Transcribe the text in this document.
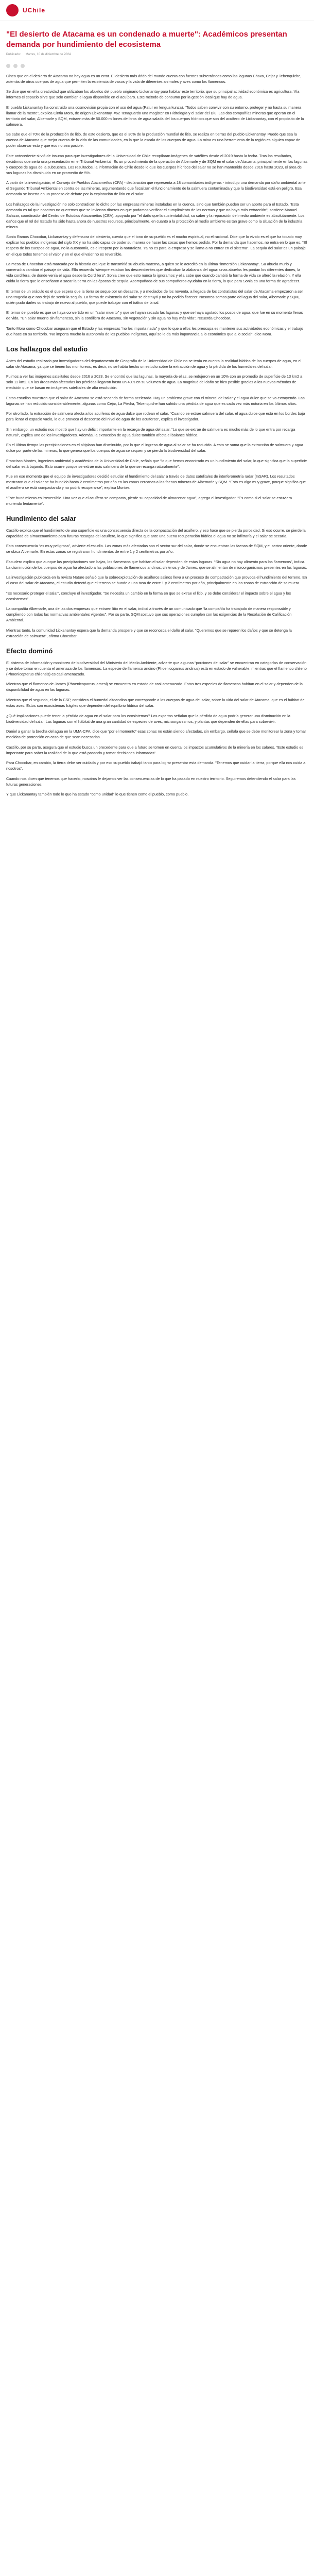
UChile
"El desierto de Atacama es un condenado a muerte": Académicos presentan demanda por hundimiento del ecosistema
Publicado: Martes, 10 de diciembre de 2024

Cinco que en el desierto de Atacama no hay agua es un error. El desierto más árido del mundo cuenta con fuentes subterráneas como las lagunas Chaxa, Cejar y Tebenquiche, además de otros cuerpos de agua que permiten la existencia de vasos y la vida de diferentes animales y aves como los flamencos.

Se dice que en el la creatividad que utilizaban los abuelos del pueblo originario Lickanantay para habitar este territorio, que su principal actividad económica es agricultura. Vía informes el espacio sirve que solo cambian el agua disponible en el acuíparo. Este método de consumo por la gestión local que hay de agua.

El pueblo Lickanantay ha construido una cosmovisión propia con el uso del agua (Patur en lengua kunza). “Todos saben convivir con su entorno, proteger y no hasta su manera llamar de la mente”, explica Cintia Mora, de origen Lickanantay. #62 Tenaguardo una magister en Hidrología y el salar del Diu. Las dos compañías mineras que operan en el territorio del salar, Albemarle y SQM, extraen más de 50.000 millones de litros de agua salada del los cuerpos hídricos que son del acuífero de Lickanantay, con el propósito de la salmuera.

Se sabe que el 70% de la producción de litio, de este desierto, que es el 30% de la producción mundial de litio, se realiza en tierras del pueblo Lickanantay. Puede que sea la cuenca de Atacama que mejor cuenta de la vida de las comunidades, en la que la escala de los cuerpos de agua. La mina es una herramienta de la región es alguien capaz de poder observar esto y que eso no sea posible.

Este antecedente sirvió de insumo para que investigadores de la Universidad de Chile recopilaran imágenes de satélites desde el 2019 hasta la fecha. Tras los resultados, decidimos que sería una presentación en el Tribunal Ambiental. Es un procedimiento de la operación de Albemarle y de SQM en el salar de Atacama, principalmente en las lagunas y cuerpos de agua de la subcuenca. Los resultados, la información de Chile desde lo que los cuerpos hídricos del salar no se han mantenido desde 2016 hasta 2023, el área de sus lagunas ha disminuido en un promedio de 5%.

A partir de la investigación, el Consejo de Pueblos Atacameños (CPA) - declaración que representa a 18 comunidades indígenas - introdujo una demanda por daño ambiental ante el Segundo Tribunal Ambiental en contra de las mineras, argumentando que fiscalizan el funcionamiento de la salmuera contaminada y que la biodiversidad está en peligro. Esa demanda se inserta en un proceso de debate por la explotación de litio en el salar.

Los hallazgos de la investigación no solo contradicen lo dicho por las empresas mineras instaladas en la cuenca, sino que también pueden ser un aporte para el Estado. "Esta demanda es tal que nosotros no queremos que se inviertan dineros en que podamos verificar el cumplimiento de las normas y que no haya más extracción", sostiene Manuel Salazar, coordinador del Centro de Estudios Atacameños (CEA), apoyado por "el daño que la sustentabilidad, su saber y la reparación del medio ambiente es absolutamente. Los daños que el rol del Estado ha sido hasta ahora de nuestros recursos, principalmente, en cuanto a la protección al medio ambiente es tan grave como la situación de la industria minera.

Sonia Ramos Chocobar, Lickanantay y defensora del desierto, cuenta que el tono de su pueblo es el mucho espiritual, no el racional. Dice que lo vivido es el que ha tocado muy explicar los pueblos indígenas del siglo XX y no ha sido capaz de poder su manera de hacer las cosas que hemos pedido. Por la demanda que hacemos, no entra en lo que es. “El respeto de los cuerpos de agua, no la autonomía, es el respeto por la naturaleza. Ya no es para la empresa y se llama a no entrar en el sistema”. La sequía del salar es un paisaje en el que todos tenemos el valor y en el que el valor no es reversible.

La mesa de Chocobar está marcada por la historia oral que le transmitió su abuela materna, a quien se le acreditó en la última “inmersión Lickanantay”. Su abuela murió y comenzó a cambiar el paisaje de vida. Ella recuerda “siempre estaban los descendientes que dedicaban la alabanza del agua: unas abuelas les ponían los diferentes dones, la vida cordillera, de donde venía el agua desde la Cordillera”. Sonia cree que esto nunca lo ignoramos y ella sabe que cuando cambió la forma de vida se alteró la relación. Y ella cuida la tierra que le enseñaron a sacar la tierra en las épocas de sequía. Acompañada de sus compañeros ayudaba en la tierra, lo que para Sonia es una forma de agradecer.

El temor de un oráculo es el que espera que la tierra se seque por un desastre, y a mediados de los noventa, a llegada de los contratistas del salar de Atacama empezaron a ser una tragedia que nos dejó de sentir la sequía. La forma de existencia del salar se destruyó y no ha podido florecer. Nosotros somos parte del agua del salar, Albemarle y SQM, quién pudo darles su trabajo de nuevo al pueblo, que puede trabajar con el tráfico de la sal.

El temor del pueblo es que se haya convertido en un “salar muerto” y que se hayan secado las lagunas y que se haya agotado los pozos de agua, que fue en su momento llenas de vida. “Un salar muerto sin flamencos, sin la cordillera de Atacama, sin vegetación y sin agua no hay más vida”, recuerda Chocobar.

Tanto Mora como Chocobar aseguran que el Estado y las empresas “no les importa nada” y que lo que a ellos les preocupa es mantener sus actividades económicas y el trabajo que hace en su territorio. “No importa mucho la autonomía de los pueblos indígenas, aquí se le da más importancia a lo económico que a lo social”, dice Mora.

Los hallazgos del estudio

Antes del estudio realizado por investigadores del departamento de Geografía de la Universidad de Chile no se tenía en cuenta la realidad hídrica de los cuerpos de agua, en el salar de Atacama, ya que se tienen los monitoreos, es decir, no se había hecho un estudio sobre la extracción de agua y la pérdida de los humedales del salar.

Fuimos a ver las imágenes satelitales desde 2016 a 2023. Se encontró que las lagunas, la mayoría de ellas, se redujeron en un 10% con un promedio de superficie de 13 km2 a solo 11 km2. En las áreas más afectadas las pérdidas llegaron hasta un 40% en su volumen de agua. La magnitud del daño se hizo posible gracias a los nuevos métodos de medición que se basan en imágenes satelitales de alta resolución.

Estos estudios muestran que el salar de Atacama se está secando de forma acelerada. Hay un problema grave con el mineral del salar y el agua dulce que se va extrayendo. Las lagunas se han reducido considerablemente, algunas como Cejar, La Piedra, Tebenquiche han sufrido una pérdida de agua que es cada vez más notoria en los últimos años.

Por otro lado, la extracción de salmuera afecta a los acuíferos de agua dulce que rodean el salar. “Cuando se extrae salmuera del salar, el agua dulce que está en los bordes baja para llenar el espacio vacío, lo que provoca el descenso del nivel de agua de los acuíferos”, explica el investigador.

Sin embargo, un estudio nos mostró que hay un déficit importante en la recarga de agua del salar. “Lo que se extrae de salmuera es mucho más de lo que entra por recarga natural”, explica uno de los investigadores. Además, la extracción de agua dulce también afecta el balance hídrico.

En el último tiempo las precipitaciones en el altiplano han disminuido, por lo que el ingreso de agua al salar se ha reducido. A esto se suma que la extracción de salmuera y agua dulce por parte de las mineras, lo que genera que los cuerpos de agua se sequen y se pierda la biodiversidad del salar.

Francisco Montes, ingeniero ambiental y académico de la Universidad de Chile, señala que “lo que hemos encontrado es un hundimiento del salar, lo que significa que la superficie del salar está bajando. Esto ocurre porque se extrae más salmuera de la que se recarga naturalmente”.

Fue en ese momento que el equipo de investigadores decidió estudiar el hundimiento del salar a través de datos satelitales de interferometría radar (InSAR). Los resultados mostraron que el salar se ha hundido hasta 2 centímetros por año en las zonas cercanas a las faenas mineras de Albemarle y SQM. “Esto es algo muy grave, porque significa que el acuífero se está compactando y no podrá recuperarse”, explica Montes.

“Este hundimiento es irreversible. Una vez que el acuífero se compacta, pierde su capacidad de almacenar agua”, agrega el investigador. “Es como si el salar se estuviera muriendo lentamente”.

Hundimiento del salar

Castillo explica que el hundimiento de una superficie es una consecuencia directa de la compactación del acuífero, y eso hace que se pierda porosidad. Si eso ocurre, se pierde la capacidad de almacenamiento para futuras recargas del acuífero, lo que significa que ante una buena recuperación hídrica el agua no se infiltraría y el salar se secaría.

Esta consecuencia “es muy peligrosa”, advierte el estudio. Las zonas más afectadas son el sector sur del salar, donde se encuentran las faenas de SQM, y el sector oriente, donde se ubica Albemarle. En estas zonas se registraron hundimientos de entre 1 y 2 centímetros por año.

Escudero explica que aunque las precipitaciones son bajas, los flamencos que habitan el salar dependen de estas lagunas. “Sin agua no hay alimento para los flamencos”, indica. La disminución de los cuerpos de agua ha afectado a las poblaciones de flamencos andinos, chilenos y de James, que se alimentan de microorganismos presentes en las lagunas.

La investigación publicada en la revista Nature señaló que la sobreexplotación de acuíferos salinos lleva a un proceso de compactación que provoca el hundimiento del terreno. En el caso del salar de Atacama, el estudio detectó que el terreno se hunde a una tasa de entre 1 y 2 centímetros por año, principalmente en las zonas de extracción de salmuera.

“Es necesario proteger el salar”, concluye el investigador. “Se necesita un cambio en la forma en que se extrae el litio, y se debe considerar el impacto sobre el agua y los ecosistemas”.

La compañía Albemarle, una de las dos empresas que extraen litio en el salar, indicó a través de un comunicado que “la compañía ha trabajado de manera responsable y cumpliendo con todas las normativas ambientales vigentes”. Por su parte, SQM sostuvo que sus operaciones cumplen con las exigencias de la Resolución de Calificación Ambiental.

Mientras tanto, la comunidad Lickanantay espera que la demanda prospere y que se reconozca el daño al salar. “Queremos que se reparen los daños y que se detenga la extracción de salmuera”, afirma Chocobar.

Efecto dominó

El sistema de información y monitoreo de biodiversidad del Ministerio del Medio Ambiente, advierte que algunas “porciones del salar” se encuentran en categorías de conservación y se debe tomar en cuenta el amenaza de los flamencos. La especie de flamenco andino (Phoenicoparrus andinus) está en estado de vulnerable, mientras que el flamenco chileno (Phoenicopterus chilensis) es casi amenazado.

Mientras que el flamenco de James (Phoenicoparrus jamesi) se encuentra en estado de casi amenazado. Estas tres especies de flamencos habitan en el salar y dependen de la disponibilidad de agua en las lagunas.

Mientras que el segundo, el de la CSP, considera el humedal altoandino que corresponde a los cuerpos de agua del salar, sobre la vida del salar de Atacama, que es el hábitat de estas aves. Estos son ecosistemas frágiles que dependen del equilibrio hídrico del salar.

¿Qué implicaciones puede tener la pérdida de agua en el salar para los ecosistemas? Los expertos señalan que la pérdida de agua podría generar una disminución en la biodiversidad del salar. Las lagunas son el hábitat de una gran cantidad de especies de aves, microorganismos, y plantas que dependen de ellas para sobrevivir.

Daniel a ganar la brecha del agua en la UMA-CPA, dice que “por el momento” esas zonas no están siendo afectadas, sin embargo, señala que se debe monitorear la zona y tomar medidas de protección en caso de que sean necesarias.

Castillo, por su parte, asegura que el estudio busca un precedente para que a futuro se tomen en cuenta los impactos acumulativos de la minería en los salares. “Este estudio es importante para saber la realidad de lo que está pasando y tomar decisiones informadas”.

Para Chocobar, en cambio, la tierra debe ser cuidada y por eso su pueblo trabajó tanto para lograr presentar esta demanda. “Tenemos que cuidar la tierra, porque ella nos cuida a nosotros”.

Cuando nos dicen que tenemos que hacerlo, nosotros le dejamos ver las consecuencias de lo que ha pasado en nuestro territorio. Seguiremos defendiendo el salar para las futuras generaciones.

Y que Lickanantay también todo lo que ha estado “como unidad” lo que tienen como el pueblo, como pueblo.
